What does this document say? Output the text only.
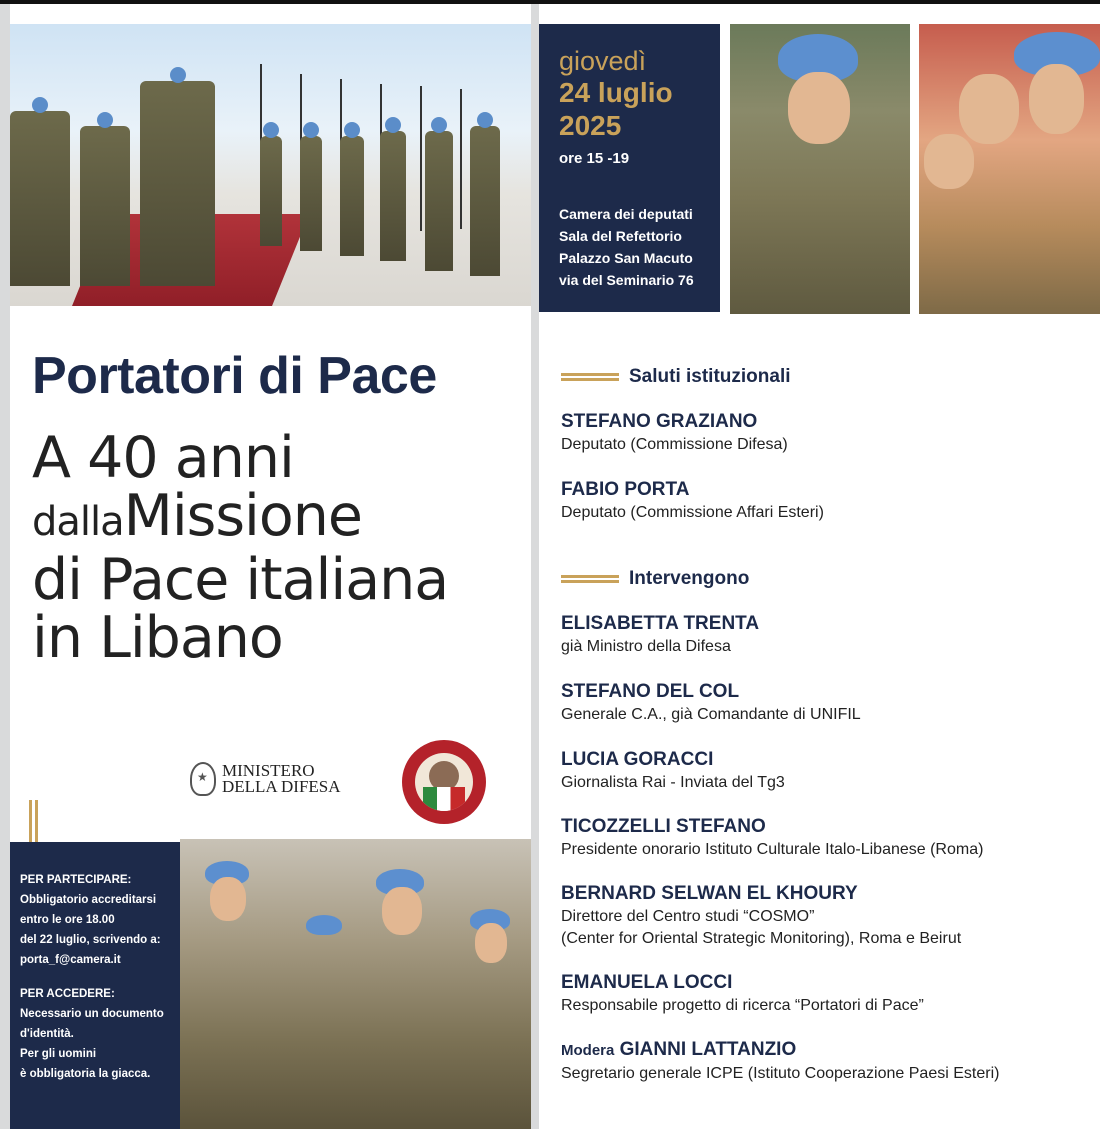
giovedì
24 luglio
2025
ore 15 -19
Camera dei deputati
Sala del Refettorio
Palazzo San Macuto
via del Seminario 76
Portatori di Pace
A 40 anni
dallaMissione
di Pace italiana
in Libano
★
MINISTERO
DELLA DIFESA
PER PARTECIPARE:
Obbligatorio accreditarsi
entro le ore 18.00
del 22 luglio, scrivendo a:
porta_f@camera.it
PER ACCEDERE:
Necessario un documento
d'identità.
Per gli uomini
è obbligatoria la giacca.
Saluti istituzionali
STEFANO GRAZIANO
Deputato (Commissione Difesa)
FABIO PORTA
Deputato (Commissione Affari Esteri)
Intervengono
ELISABETTA TRENTA
già Ministro della Difesa
STEFANO DEL COL
Generale C.A., già Comandante di UNIFIL
LUCIA GORACCI
Giornalista Rai - Inviata del Tg3
TICOZZELLI STEFANO
Presidente onorario Istituto Culturale Italo-Libanese (Roma)
BERNARD SELWAN EL KHOURY
Direttore del Centro studi “COSMO”
(Center for Oriental Strategic Monitoring), Roma e Beirut
EMANUELA LOCCI
Responsabile progetto di ricerca “Portatori di Pace”
Modera GIANNI LATTANZIO
Segretario generale ICPE (Istituto Cooperazione Paesi Esteri)
